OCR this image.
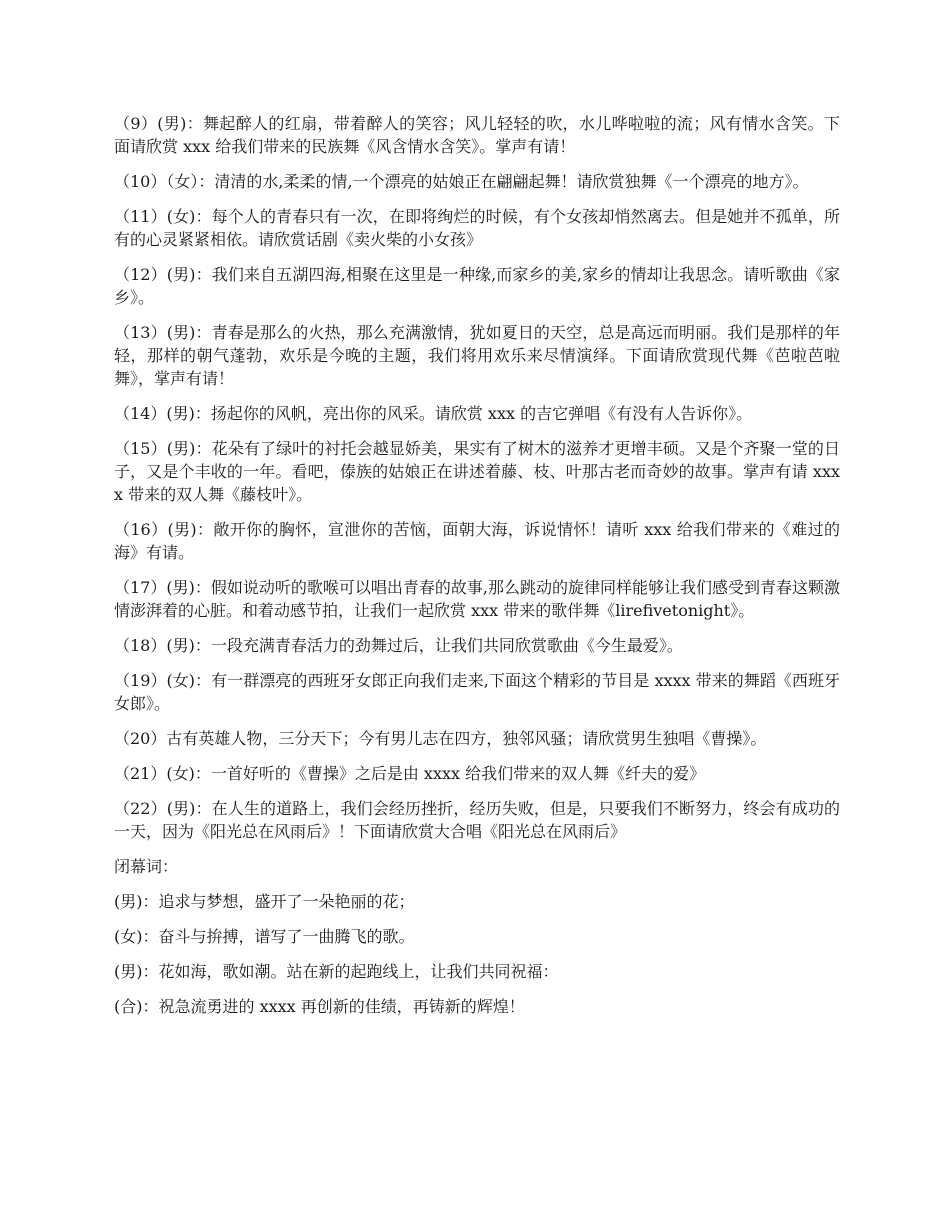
（9）(男)：舞起醉人的红扇，带着醉人的笑容；风儿轻轻的吹，水儿哗啦啦的流；风有情水含笑。下面请欣赏 xxx 给我们带来的民族舞《风含情水含笑》。掌声有请！

（10）（女）：清清的水,柔柔的情,一个漂亮的姑娘正在翩翩起舞！请欣赏独舞《一个漂亮的地方》。

（11）(女)：每个人的青春只有一次，在即将绚烂的时候，有个女孩却悄然离去。但是她并不孤单，所有的心灵紧紧相依。请欣赏话剧《卖火柴的小女孩》

（12）(男)：我们来自五湖四海,相聚在这里是一种缘,而家乡的美,家乡的情却让我思念。请听歌曲《家乡》。

（13）(男)：青春是那么的火热，那么充满激情，犹如夏日的天空，总是高远而明丽。我们是那样的年轻，那样的朝气蓬勃，欢乐是今晚的主题，我们将用欢乐来尽情演绎。下面请欣赏现代舞《芭啦芭啦舞》，掌声有请！

（14）(男)：扬起你的风帆，亮出你的风采。请欣赏 xxx 的吉它弹唱《有没有人告诉你》。

（15）(男)：花朵有了绿叶的衬托会越显娇美，果实有了树木的滋养才更增丰硕。又是个齐聚一堂的日子，又是个丰收的一年。看吧，傣族的姑娘正在讲述着藤、枝、叶那古老而奇妙的故事。掌声有请 xxxx 带来的双人舞《藤枝叶》。

（16）(男)：敞开你的胸怀，宣泄你的苦恼，面朝大海，诉说情怀！请听 xxx 给我们带来的《难过的海》有请。

（17）(男)：假如说动听的歌喉可以唱出青春的故事,那么跳动的旋律同样能够让我们感受到青春这颗激情澎湃着的心脏。和着动感节拍，让我们一起欣赏 xxx 带来的歌伴舞《lirefivetonight》。

（18）(男)：一段充满青春活力的劲舞过后，让我们共同欣赏歌曲《今生最爱》。

（19）(女)：有一群漂亮的西班牙女郎正向我们走来,下面这个精彩的节目是 xxxx 带来的舞蹈《西班牙女郎》。

（20）古有英雄人物，三分天下；今有男儿志在四方，独邻风骚；请欣赏男生独唱《曹操》。

（21）(女)：一首好听的《曹操》之后是由 xxxx 给我们带来的双人舞《纤夫的爱》

（22）(男)：在人生的道路上，我们会经历挫折，经历失败，但是，只要我们不断努力，终会有成功的一天，因为《阳光总在风雨后》！下面请欣赏大合唱《阳光总在风雨后》

闭幕词：

(男)：追求与梦想，盛开了一朵艳丽的花；

(女)：奋斗与拚搏，谱写了一曲腾飞的歌。

(男)：花如海，歌如潮。站在新的起跑线上，让我们共同祝福：

(合)：祝急流勇进的 xxxx 再创新的佳绩，再铸新的辉煌！
